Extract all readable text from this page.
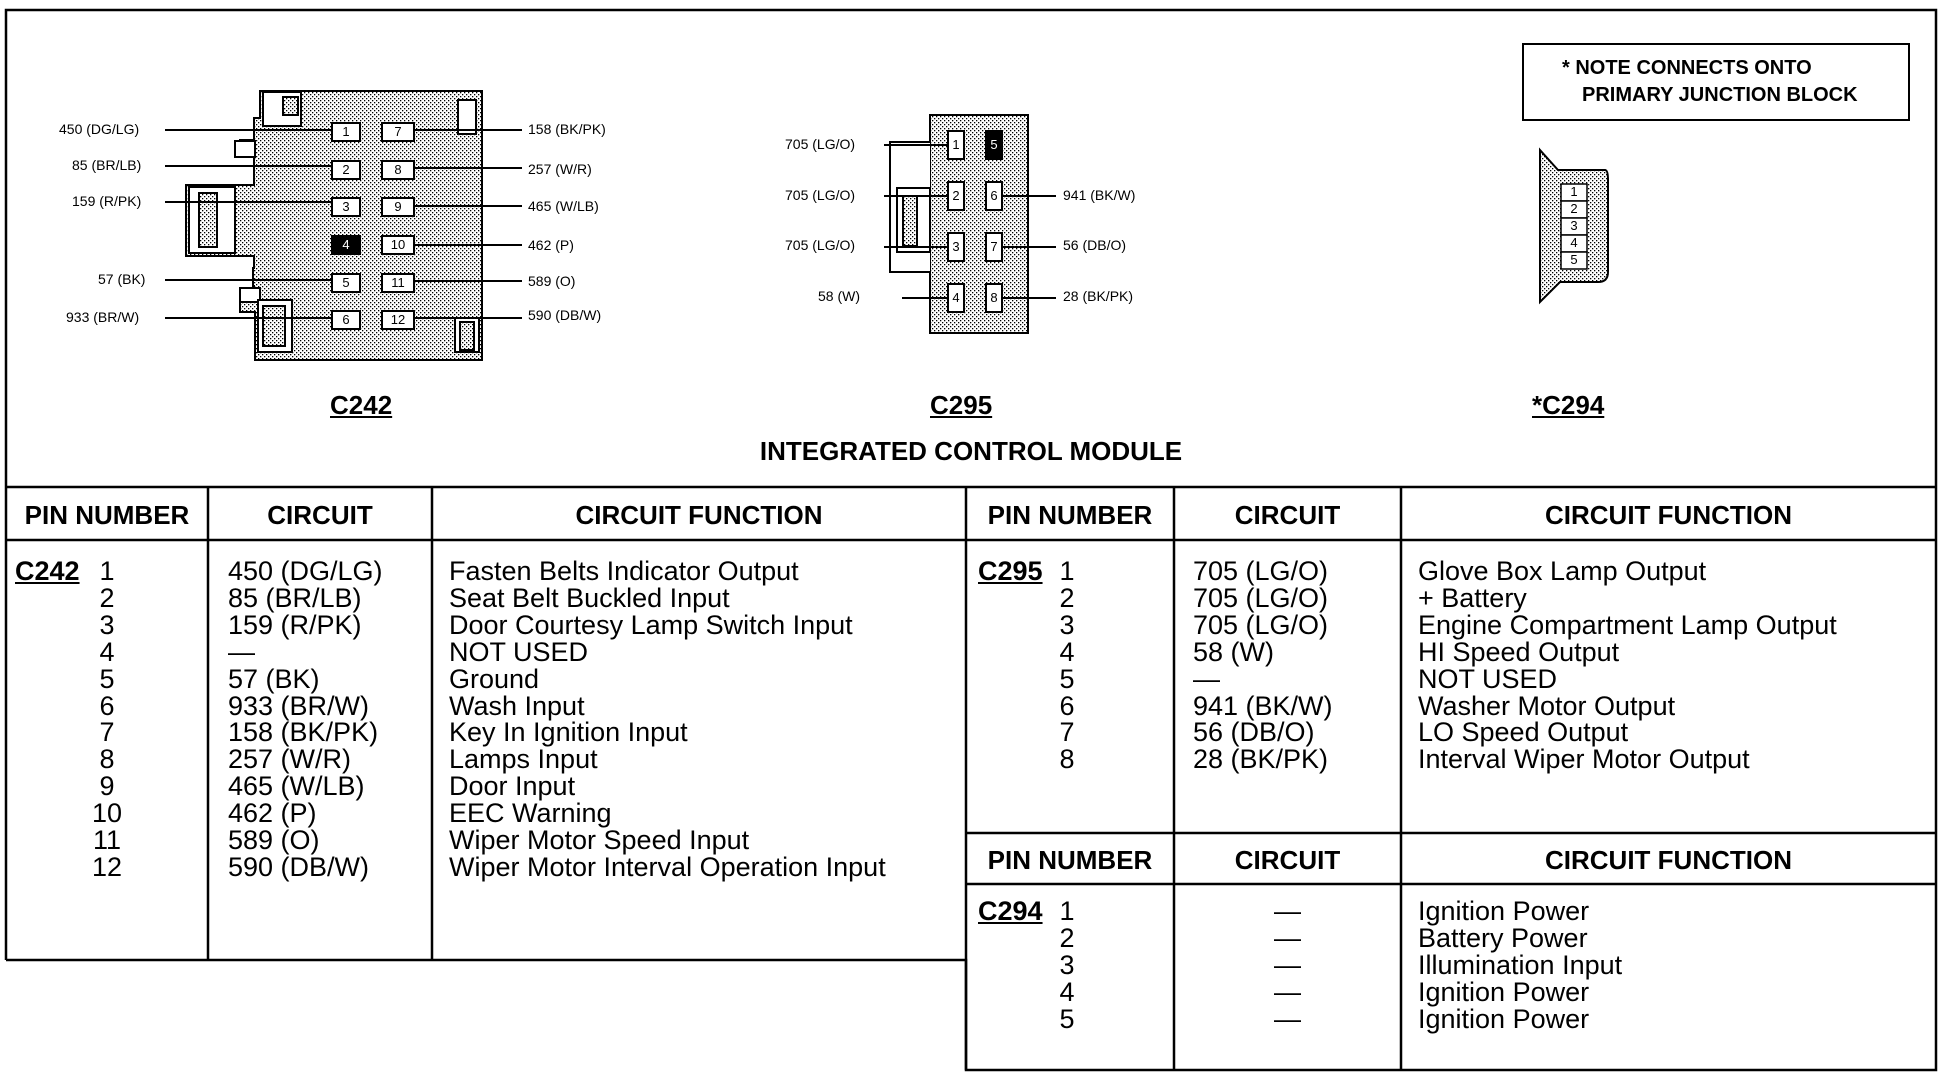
* NOTE CONNECTS ONTO
PRIMARY JUNCTION BLOCK
C242	C295	*C294
INTEGRATED CONTROL MODULE
450 (DG/LG)
85 (BR/LB)
159 (R/PK)
57 (BK)
933 (BR/W)
158 (BK/PK)
257 (W/R)
465 (W/LB)
462 (P)
589 (O)
590 (DB/W)
1
2
3
4
5
6
7
8
9
10
11
12
705 (LG/O)
705 (LG/O)
705 (LG/O)
58 (W)
941 (BK/W)
56 (DB/O)
28 (BK/PK)
1
2
3
4
5
6
7
8
1
2
3
4
5
PIN NUMBER	CIRCUIT	CIRCUIT FUNCTION	PIN NUMBER	CIRCUIT	CIRCUIT FUNCTION
PIN NUMBER	CIRCUIT	CIRCUIT FUNCTION
C242	C295
C294
1	450 (DG/LG) Fasten Belts Indicator Output
2	85 (BR/LB)	Seat Belt Buckled Input
3	159 (R/PK)	Door Courtesy Lamp Switch Input
4	—	NOT USED
5	57 (BK)	Ground
6	933 (BR/W)	Wash Input
7	158 (BK/PK)	Key In Ignition Input
8	257 (W/R)	Lamps Input
9	465 (W/LB)	Door Input
10	462 (P)	EEC Warning
11	589 (O)	Wiper Motor Speed Input
12	590 (DB/W)	Wiper Motor Interval Operation Input
1	705 (LG/O)	Glove Box Lamp Output
2	705 (LG/O)	+ Battery
3	705 (LG/O)	Engine Compartment Lamp Output
4	58 (W)	HI Speed Output
5	—	NOT USED
6	941 (BK/W)	Washer Motor Output
7	56 (DB/O)	LO Speed Output
8	28 (BK/PK)	Interval Wiper Motor Output
1	—	Ignition Power
2	—	Battery Power
3	—	Illumination Input
4	—	Ignition Power
5	—	Ignition Power
